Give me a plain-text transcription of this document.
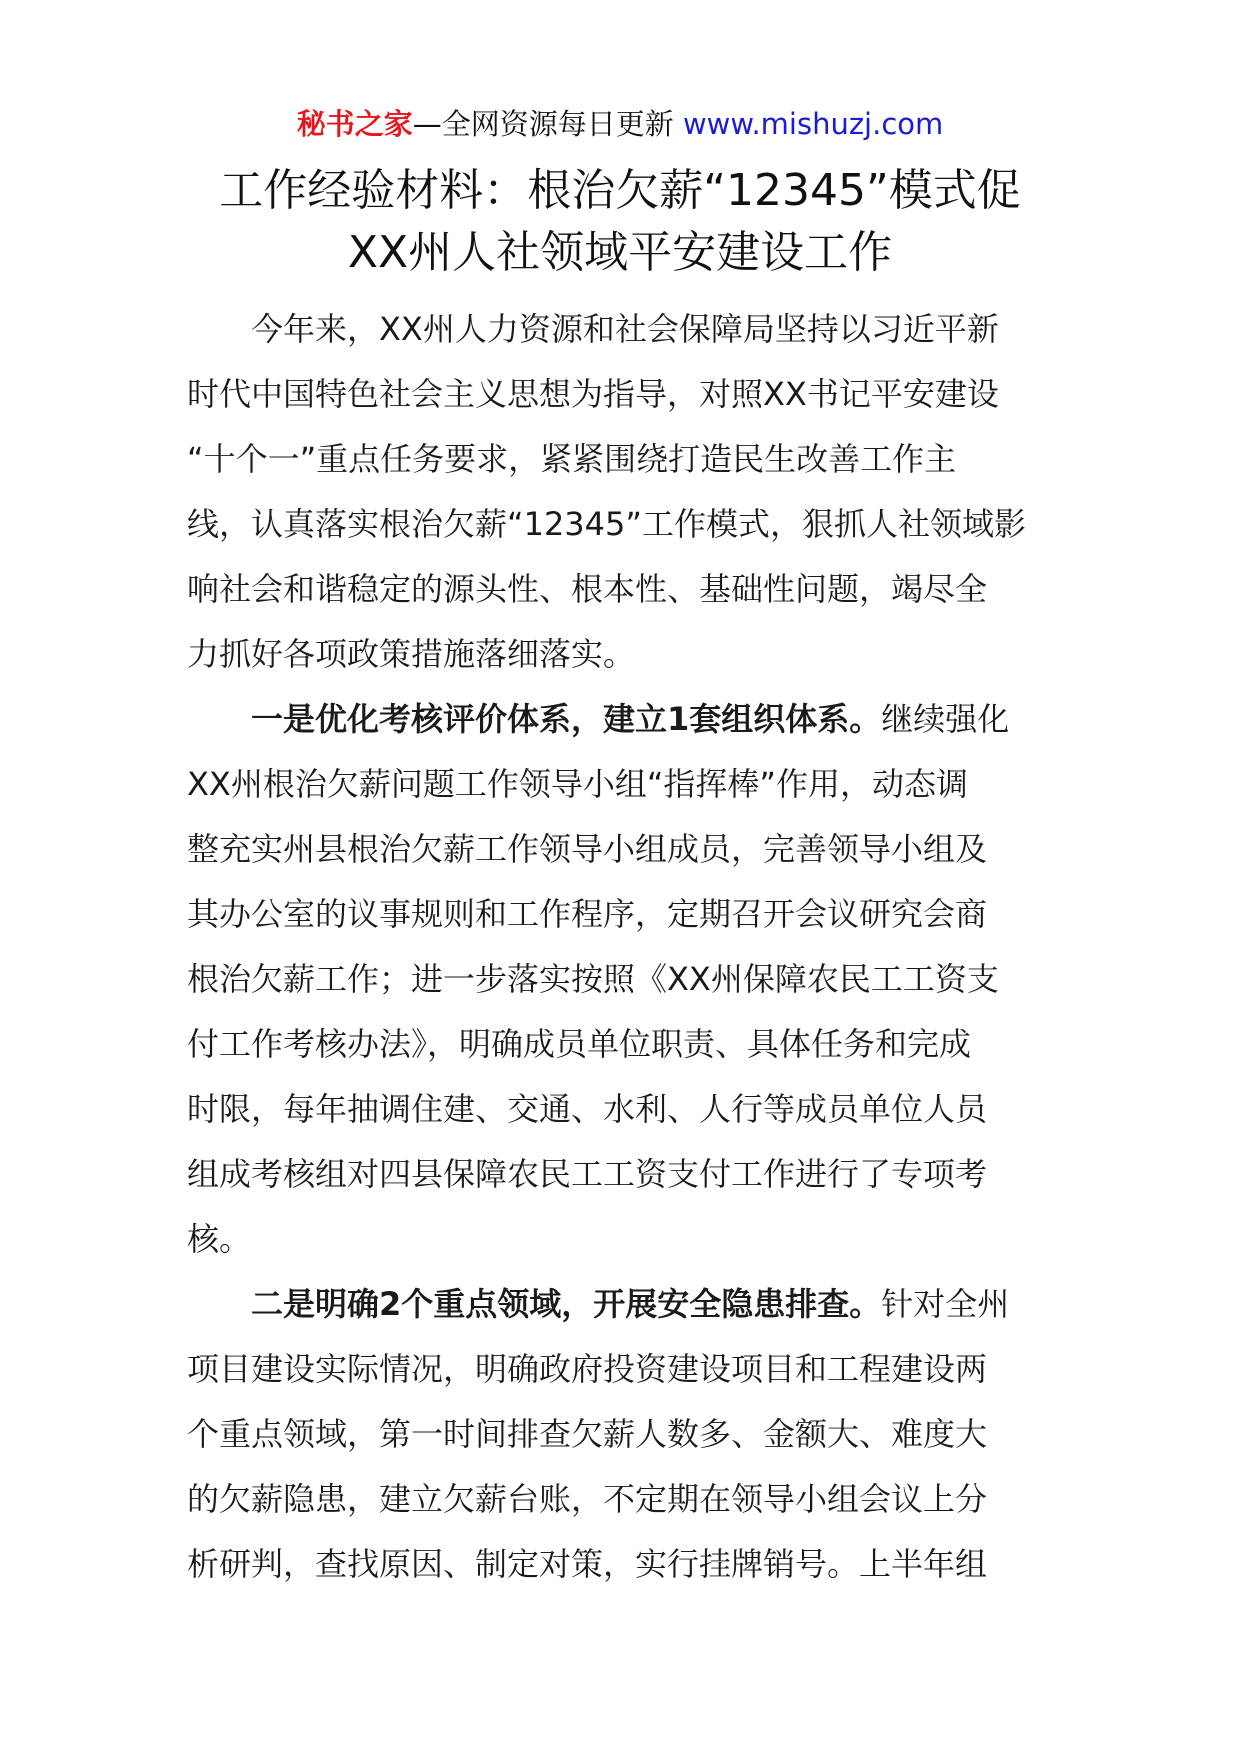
秘书之家—全网资源每日更新 www.mishuzj.com
工作经验材料：根治欠薪“12345”模式促
XX州人社领域平安建设工作
　　今年来，XX州人力资源和社会保障局坚持以习近平新
时代中国特色社会主义思想为指导，对照XX书记平安建设
“十个一”重点任务要求，紧紧围绕打造民生改善工作主
线，认真落实根治欠薪“12345”工作模式，狠抓人社领域影
响社会和谐稳定的源头性、根本性、基础性问题，竭尽全
力抓好各项政策措施落细落实。
　　一是优化考核评价体系，建立1套组织体系。继续强化
XX州根治欠薪问题工作领导小组“指挥棒”作用，动态调
整充实州县根治欠薪工作领导小组成员，完善领导小组及
其办公室的议事规则和工作程序，定期召开会议研究会商
根治欠薪工作；进一步落实按照《XX州保障农民工工资支
付工作考核办法》，明确成员单位职责、具体任务和完成
时限，每年抽调住建、交通、水利、人行等成员单位人员
组成考核组对四县保障农民工工资支付工作进行了专项考
核。
　　二是明确2个重点领域，开展安全隐患排查。针对全州
项目建设实际情况，明确政府投资建设项目和工程建设两
个重点领域，第一时间排查欠薪人数多、金额大、难度大
的欠薪隐患，建立欠薪台账，不定期在领导小组会议上分
析研判，查找原因、制定对策，实行挂牌销号。上半年组
